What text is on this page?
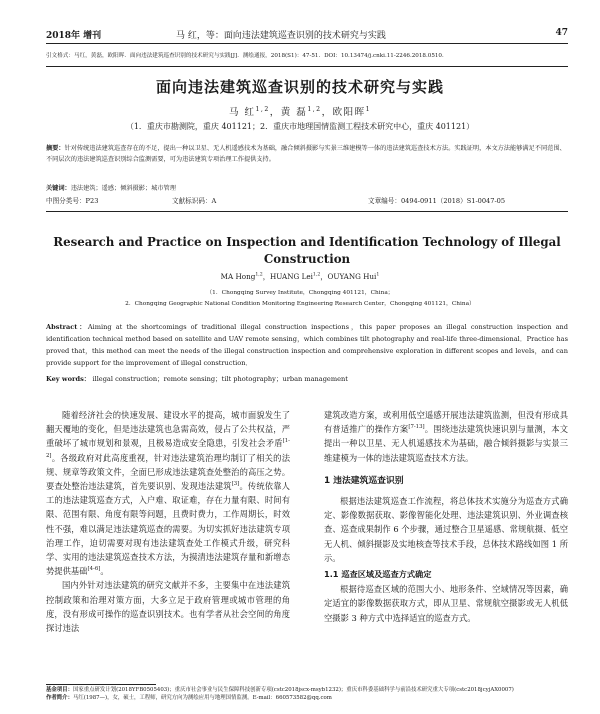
2018年 增刊	马 红，等：面向违法建筑巡查识别的技术研究与实践	47
引文格式：马红，黄磊，欧阳晖．面向违法建筑巡查识别的技术研究与实践[J]．测绘通报，2018(S1)：47-51．DOI：10.13474/j.cnki.11-2246.2018.0510．
面向违法建筑巡查识别的技术研究与实践
马 红$^{1,2}$，黄 磊$^{1,2}$，欧阳晖$^1$
（1．重庆市勘测院，重庆 401121；2．重庆市地理国情监测工程技术研究中心，重庆 401121）
摘要：针对传统违法建筑巡查存在的不足，提出一种以卫星、无人机遥感技术为基础，融合倾斜摄影与实景三维建模等一体的违法建筑巡查技术方法。实践证明，本文方法能够满足不同范围、不同层次的违法建筑巡查识别综合监测需要，可为违法建筑专项治理工作提供支持。
关键词：违法建筑；遥感；倾斜摄影；城市管理
中图分类号：P23	文献标识码：A	文章编号：0494-0911（2018）S1-0047-05
Research and Practice on Inspection and Identification Technology of Illegal Construction
MA Hong$^{1,2}$，HUANG Lei$^{1,2}$，OUYANG Hui$^1$
（1．Chongqing Survey Institute，Chongqing 401121，China；
2．Chongqing Geographic National Condition Monitoring Engineering Research Center，Chongqing 401121，China）
Abstract：Aiming at the shortcomings of traditional illegal construction inspections，this paper proposes an illegal construction inspection and identification technical method based on satellite and UAV remote sensing，which combines tilt photography and real-life three-dimensional．Practice has proved that，this method can meet the needs of the illegal construction inspection and comprehensive exploration in different scopes and levels，and can provide support for the improvement of illegal construction．
Key words： illegal construction；remote sensing；tilt photography；urban management

随着经济社会的快速发展、建设水平的提高，城市面貌发生了翻天覆地的变化，但是违法建筑也急需高效，侵占了公共权益，严重破坏了城市规划和景观，且极易造成安全隐患，引发社会矛盾[1-2]。各级政府对此高度重视，针对违法建筑治理均制订了相关的法规、规章等政策文件，全面巳形成违法建筑查处整治的高压之势。要查处整治违法建筑，首先要识别、发现违法建筑[3]。传统依靠人工的违法建筑巡查方式，入户难、取证难，存在力量有限、时间有限、范围有限、角度有限等问题，且费时费力，工作周期长，时效性不强，难以满足违法建筑巡查的需要。为切实抓好违法建筑专项治理工作，迫切需要对现有违法建筑查处工作模式升级，研究科学、实用的违法建筑巡查技术方法，为摸清违法建筑存量和新增态势提供基础[4-6]。

国内外针对违法建筑的研究文献并不多，主要集中在违法建筑控制政策和治理对策方面，大多立足于政府管理或城市管理的角度，没有形成可操作的巡查识别技术。也有学者从社会空间的角度探讨违法

建筑改造方案，或利用低空遥感开展违法建筑监测，但没有形成具有普适推广的操作方案[7-13]。围绕违法建筑快速识别与量测，本文提出一种以卫星、无人机遥感技术为基础，融合倾斜摄影与实景三维建模为一体的违法建筑巡查技术方法。

1 违法建筑巡查识别

根据违法建筑巡查工作流程，将总体技术实施分为巡查方式确定、影像数据获取、影像智能化处理、违法建筑识别、外业调查核查、巡查成果制作 6 个步骤，通过整合卫星遥感、常规航摄、低空无人机、倾斜摄影及实地核查等技术手段，总体技术路线如图 1 所示。

1.1 巡查区域及巡查方式确定

根据待巡查区域的范围大小、地形条件、空域情况等因素，确定适宜的影像数据获取方式，即从卫星、常规航空摄影或无人机低空摄影 3 种方式中选择适宜的巡查方式。

基金项目：国家重点研发计划(2018YFB0505403)；重庆市社会事业与民生保障科技创新专项(cstc2018jscx-msyb1232)；重庆市科委基础科学与前沿技术研究重大专项(cstc2018jcyjAX0007)
作者简介：马红(1987—)，女，硕士，工程师，研究方向为测绘应用与地理国情监测。E-mail：660573582@qq.com
